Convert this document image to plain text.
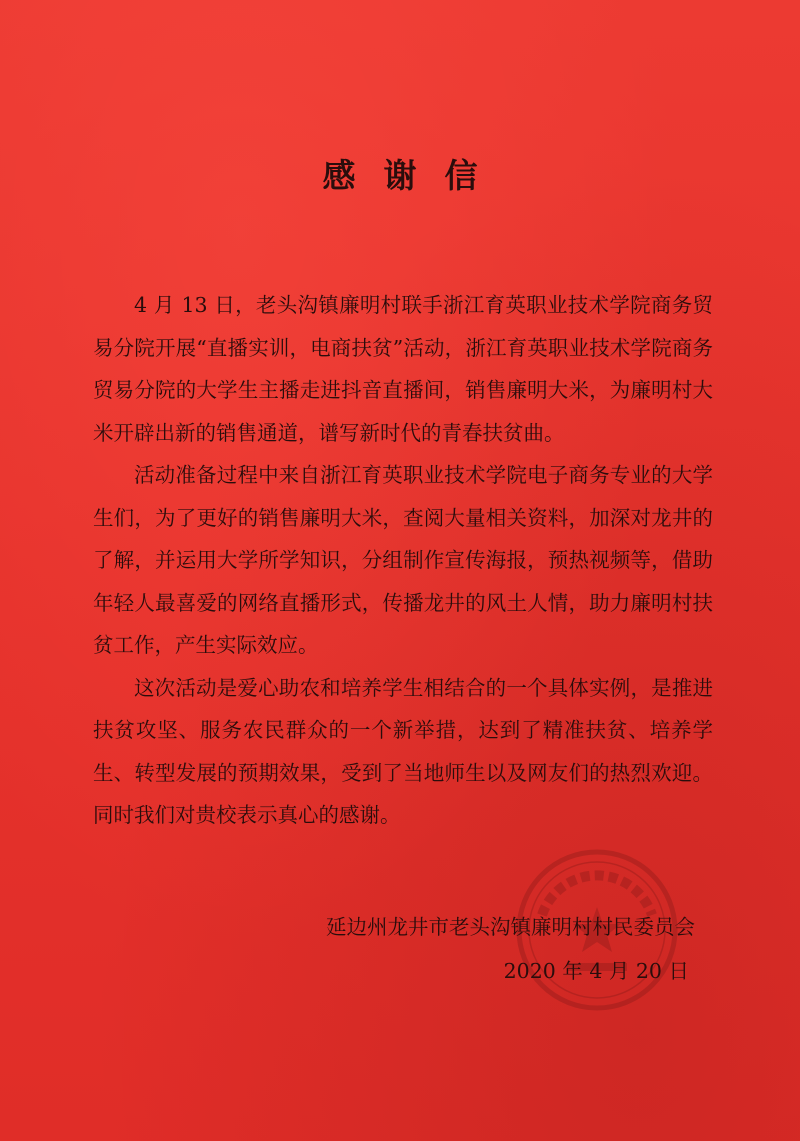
感谢信

4 月 13 日，老头沟镇廉明村联手浙江育英职业技术学院商务贸易分院开展“直播实训，电商扶贫”活动，浙江育英职业技术学院商务贸易分院的大学生主播走进抖音直播间，销售廉明大米，为廉明村大米开辟出新的销售通道，谱写新时代的青春扶贫曲。

活动准备过程中来自浙江育英职业技术学院电子商务专业的大学生们，为了更好的销售廉明大米，查阅大量相关资料，加深对龙井的了解，并运用大学所学知识，分组制作宣传海报，预热视频等，借助年轻人最喜爱的网络直播形式，传播龙井的风土人情，助力廉明村扶贫工作，产生实际效应。

这次活动是爱心助农和培养学生相结合的一个具体实例，是推进扶贫攻坚、服务农民群众的一个新举措，达到了精准扶贫、培养学生、转型发展的预期效果，受到了当地师生以及网友们的热烈欢迎。同时我们对贵校表示真心的感谢。

延边州龙井市老头沟镇廉明村村民委员会
2020 年 4 月 20 日
